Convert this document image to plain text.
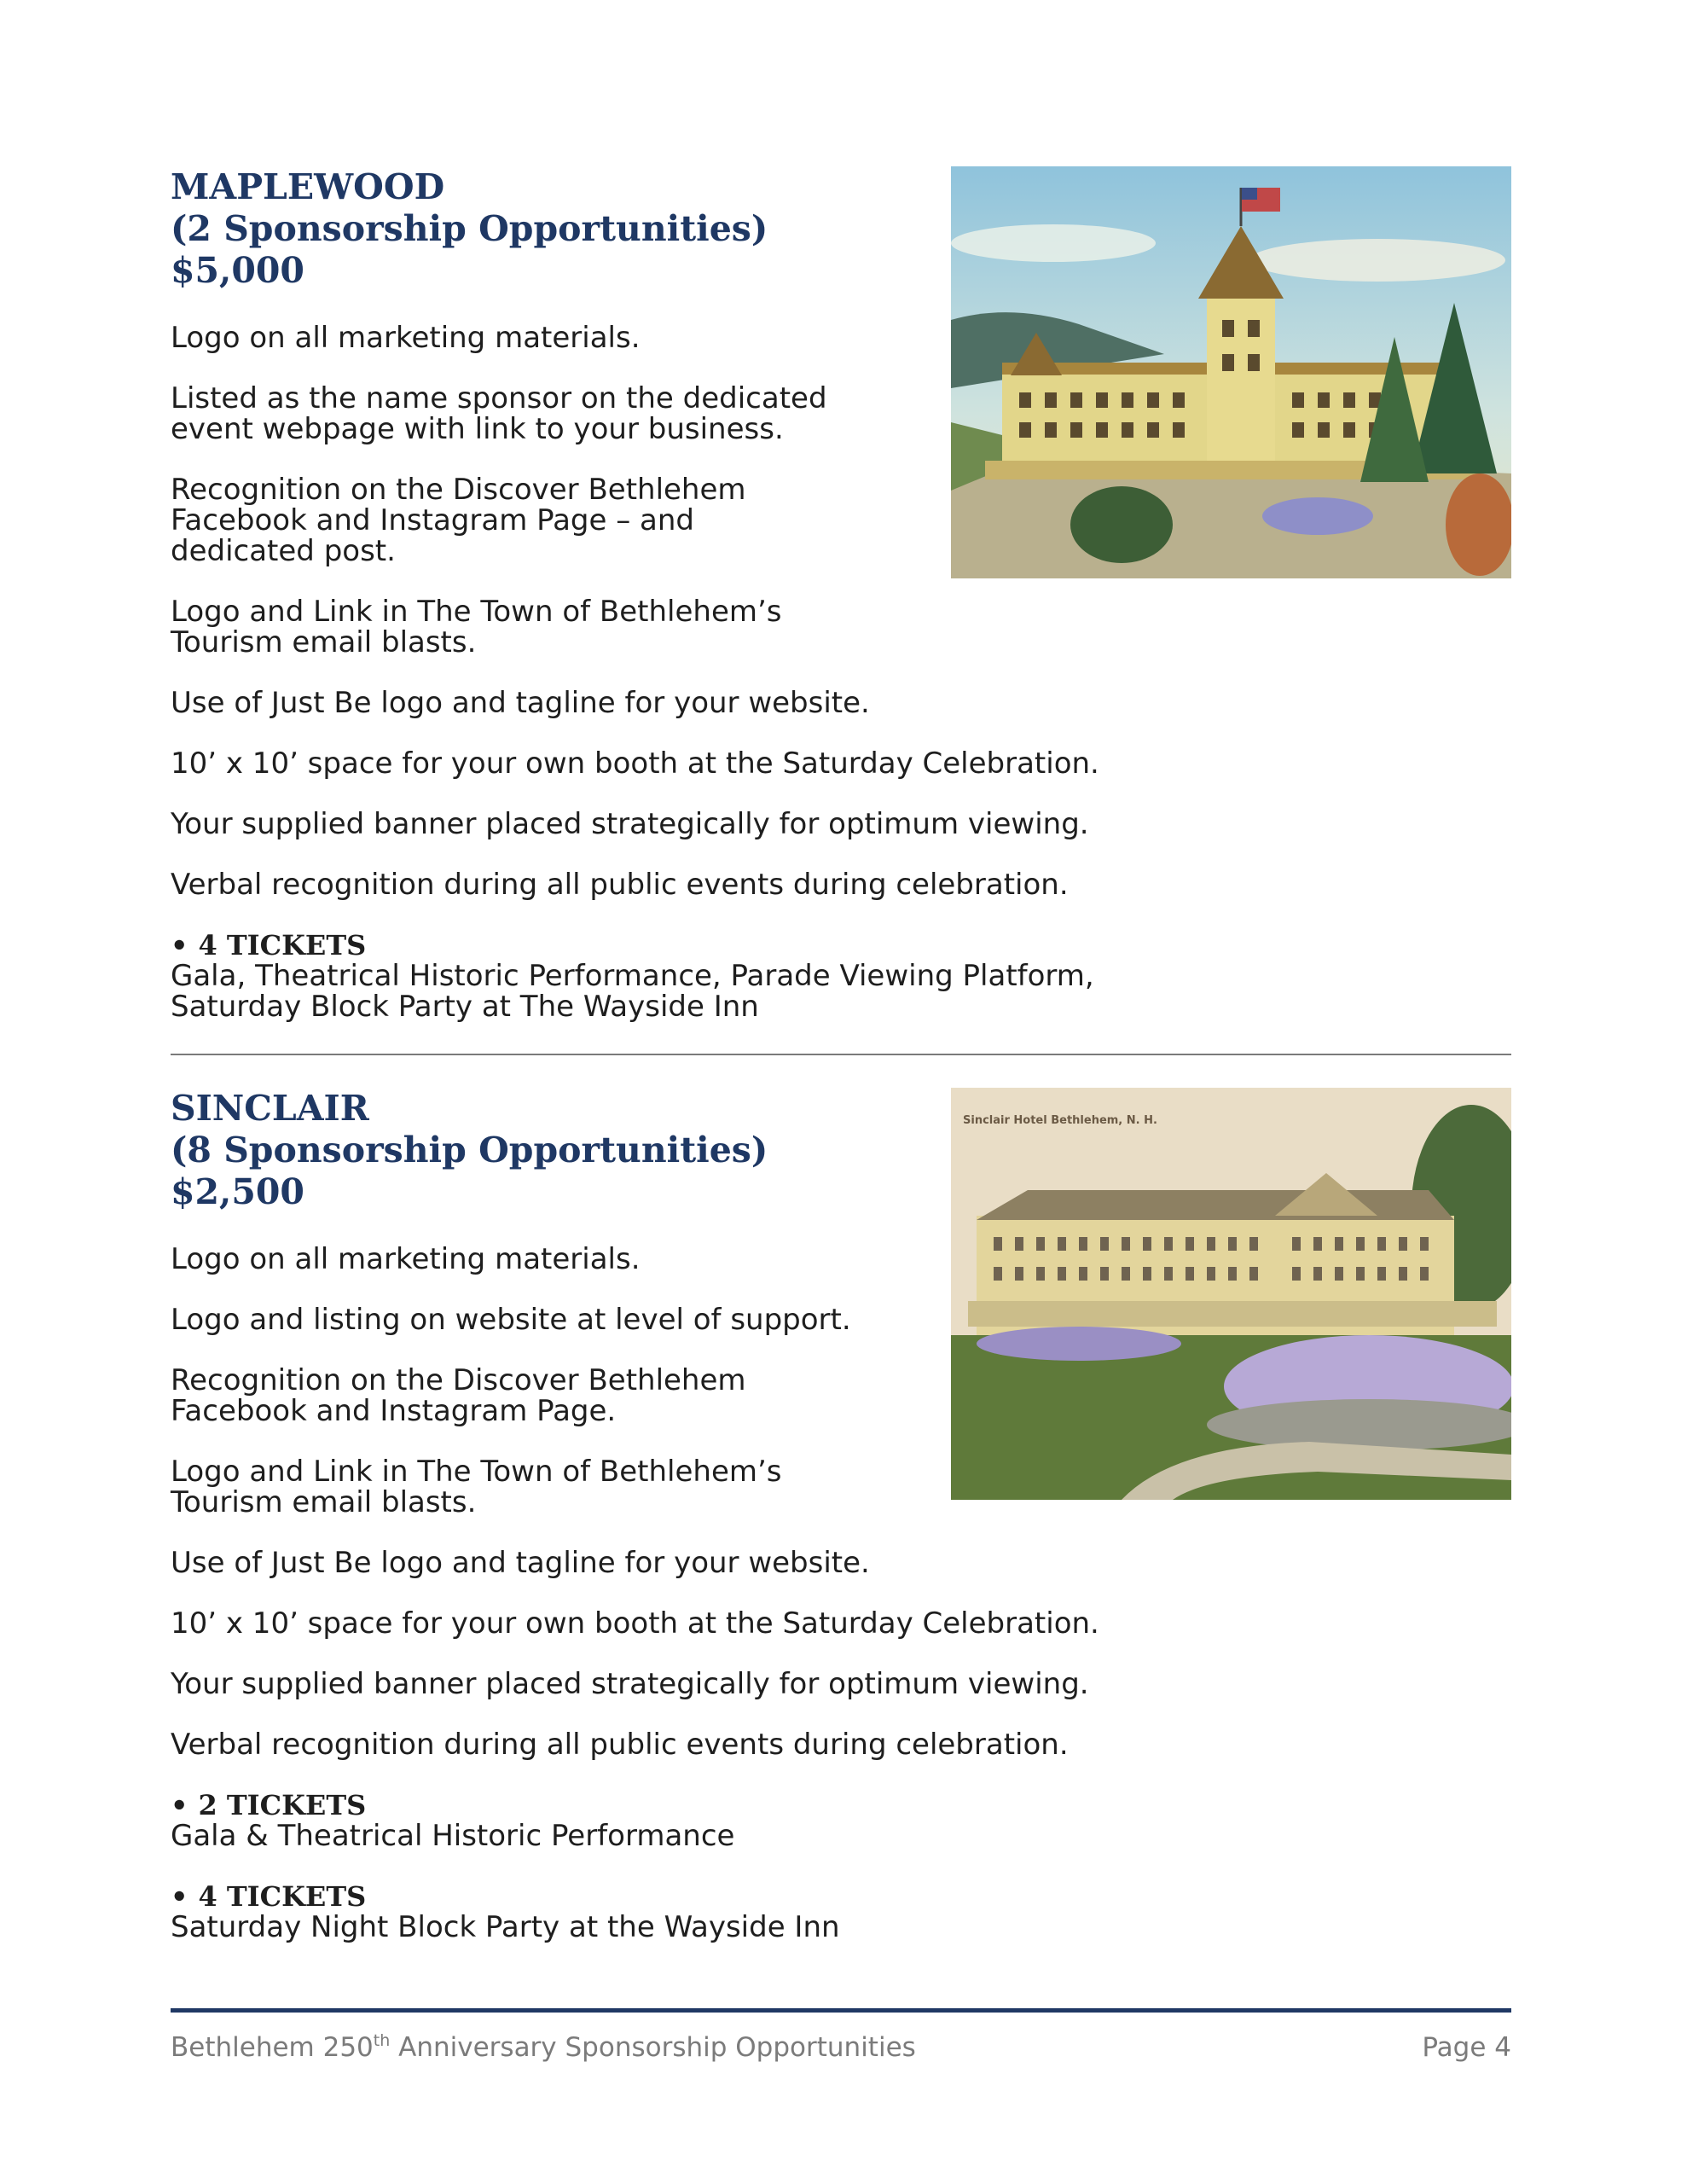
MAPLEWOOD
(2 Sponsorship Opportunities)
$5,000

Logo on all marketing materials.

Listed as the name sponsor on the dedicated event webpage with link to your business.

Recognition on the Discover Bethlehem Facebook and Instagram Page – and dedicated post.

Logo and Link in The Town of Bethlehem’s Tourism email blasts.

Use of Just Be logo and tagline for your website.

10’ x 10’ space for your own booth at the Saturday Celebration.

Your supplied banner placed strategically for optimum viewing.

Verbal recognition during all public events during celebration.

• 4 TICKETS
Gala, Theatrical Historic Performance, Parade Viewing Platform, Saturday Block Party at The Wayside Inn
SINCLAIR
(8 Sponsorship Opportunities)
$2,500

Logo on all marketing materials.

Logo and listing on website at level of support.

Recognition on the Discover Bethlehem Facebook and Instagram Page.

Logo and Link in The Town of Bethlehem’s Tourism email blasts.

Use of Just Be logo and tagline for your website.

10’ x 10’ space for your own booth at the Saturday Celebration.

Your supplied banner placed strategically for optimum viewing.

Verbal recognition during all public events during celebration.

• 2 TICKETS
Gala & Theatrical Historic Performance
• 4 TICKETS
Saturday Night Block Party at the Wayside Inn
Sinclair Hotel Bethlehem, N. H.
Bethlehem 250th Anniversary Sponsorship Opportunities	Page 4
